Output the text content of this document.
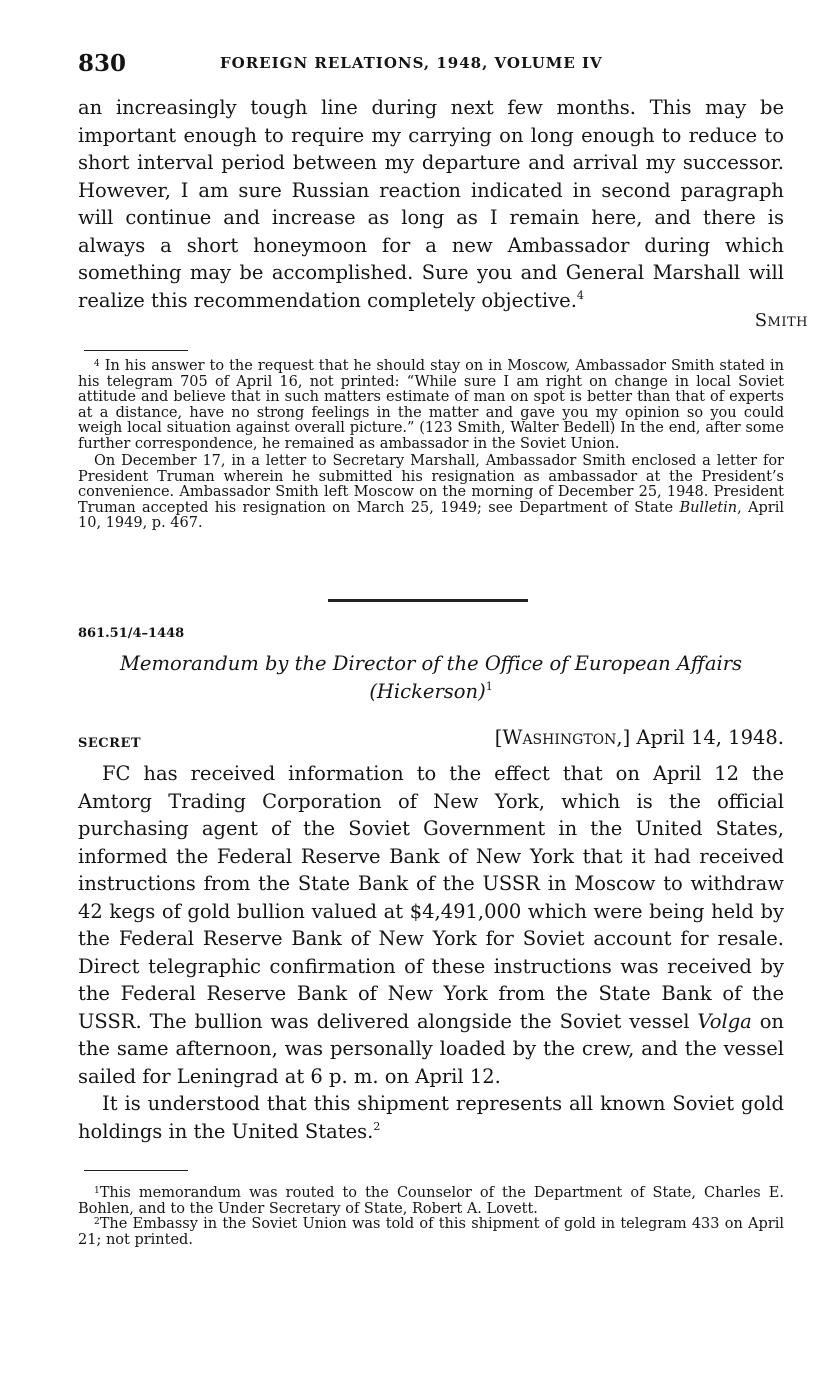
830	FOREIGN RELATIONS, 1948, VOLUME IV

an increasingly tough line during next few months. This may be important enough to require my carrying on long enough to reduce to short interval period between my departure and arrival my successor. However, I am sure Russian reaction indicated in second paragraph will continue and increase as long as I remain here, and there is always a short honeymoon for a new Ambassador during which something may be accomplished. Sure you and General Marshall will realize this recommendation completely objective.$^4$

Smith

$^4$ In his answer to the request that he should stay on in Moscow, Ambassador Smith stated in his telegram 705 of April 16, not printed: “While sure I am right on change in local Soviet attitude and believe that in such matters estimate of man on spot is better than that of experts at a distance, have no strong feelings in the matter and gave you my opinion so you could weigh local situation against overall picture.” (123 Smith, Walter Bedell) In the end, after some further correspondence, he remained as ambassador in the Soviet Union.

On December 17, in a letter to Secretary Marshall, Ambassador Smith enclosed a letter for President Truman wherein he submitted his resignation as ambassador at the President’s convenience. Ambassador Smith left Moscow on the morning of December 25, 1948. President Truman accepted his resignation on March 25, 1949; see Department of State Bulletin, April 10, 1949, p. 467.

861.51/4–1448
Memorandum by the Director of the Office of European Affairs
(Hickerson)$^1$
SECRET	[Washington,] April 14, 1948.

FC has received information to the effect that on April 12 the Amtorg Trading Corporation of New York, which is the official purchasing agent of the Soviet Government in the United States, informed the Federal Reserve Bank of New York that it had received instructions from the State Bank of the USSR in Moscow to withdraw 42 kegs of gold bullion valued at $4,491,000 which were being held by the Federal Reserve Bank of New York for Soviet account for resale. Direct telegraphic confirmation of these instructions was received by the Federal Reserve Bank of New York from the State Bank of the USSR. The bullion was delivered alongside the Soviet vessel Volga on the same afternoon, was personally loaded by the crew, and the vessel sailed for Leningrad at 6 p. m. on April 12.

It is understood that this shipment represents all known Soviet gold holdings in the United States.$^2$

$^1$This memorandum was routed to the Counselor of the Department of State, Charles E. Bohlen, and to the Under Secretary of State, Robert A. Lovett.

$^2$The Embassy in the Soviet Union was told of this shipment of gold in telegram 433 on April 21; not printed.
